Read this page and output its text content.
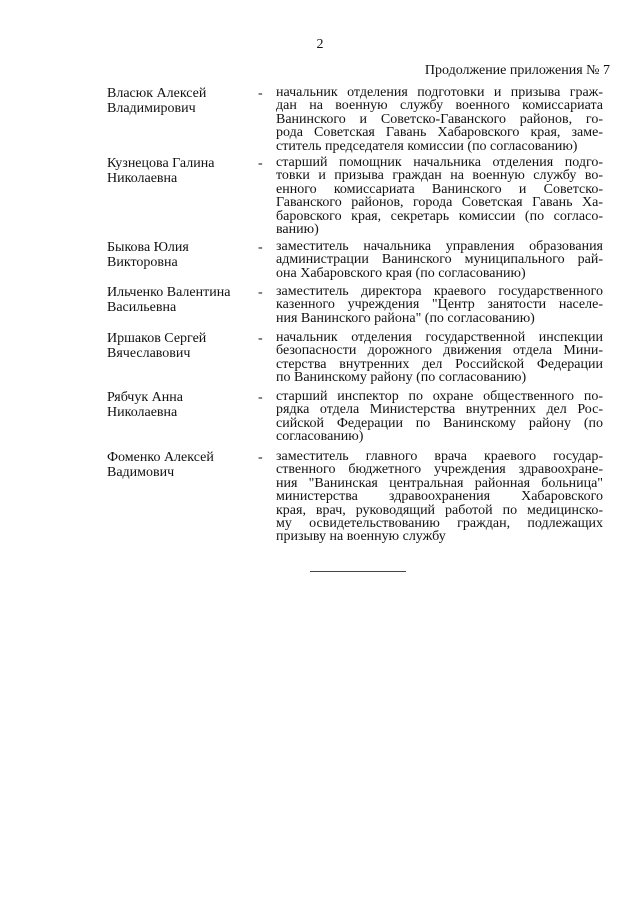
2
Продолжение приложения № 7
Власюк Алексей
Владимирович
- начальник отделения подготовки и призыва граж-
дан на военную службу военного комиссариата
Ванинского и Советско-Гаванского районов, го-
рода Советская Гавань Хабаровского края, заме-
ститель председателя комиссии (по согласованию)
Кузнецова Галина
Николаевна
- старший помощник начальника отделения подго-
товки и призыва граждан на военную службу во-
енного комиссариата Ванинского и Советско-
Гаванского районов, города Советская Гавань Ха-
баровского края, секретарь комиссии (по согласо-
ванию)
Быкова Юлия
Викторовна
- заместитель начальника управления образования
администрации Ванинского муниципального рай-
она Хабаровского края (по согласованию)
Ильченко Валентина
Васильевна
- заместитель директора краевого государственного
казенного учреждения "Центр занятости населе-
ния Ванинского района" (по согласованию)
Иршаков Сергей
Вячеславович
- начальник отделения государственной инспекции
безопасности дорожного движения отдела Мини-
стерства внутренних дел Российской Федерации
по Ванинскому району (по согласованию)
Рябчук Анна
Николаевна
- старший инспектор по охране общественного по-
рядка отдела Министерства внутренних дел Рос-
сийской Федерации по Ванинскому району (по
согласованию)
Фоменко Алексей
Вадимович
- заместитель главного врача краевого государ-
ственного бюджетного учреждения здравоохране-
ния "Ванинская центральная районная больница"
министерства здравоохранения Хабаровского
края, врач, руководящий работой по медицинско-
му освидетельствованию граждан, подлежащих
призыву на военную службу
